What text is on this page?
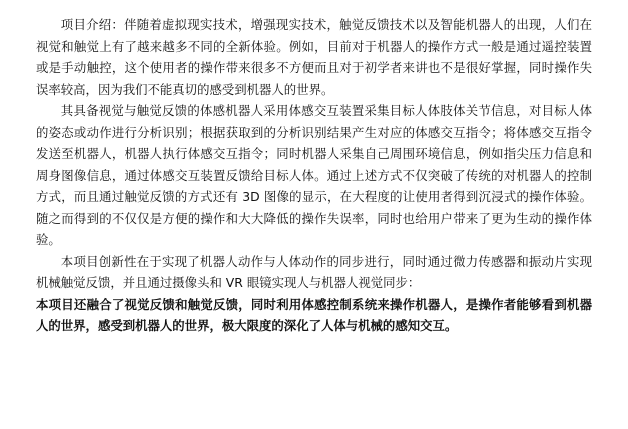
项目介绍：伴随着虚拟现实技术，增强现实技术，触觉反馈技术以及智能机器人的出现，人们在视觉和触觉上有了越来越多不同的全新体验。例如，目前对于机器人的操作方式一般是通过遥控装置或是手动触控，这个使用者的操作带来很多不方便而且对于初学者来讲也不是很好掌握，同时操作失误率较高，因为我们不能真切的感受到机器人的世界。

其具备视觉与触觉反馈的体感机器人采用体感交互装置采集目标人体肢体关节信息，对目标人体的姿态或动作进行分析识别；根据获取到的分析识别结果产生对应的体感交互指令；将体感交互指令发送至机器人，机器人执行体感交互指令；同时机器人采集自己周围环境信息，例如指尖压力信息和周身图像信息，通过体感交互装置反馈给目标人体。通过上述方式不仅突破了传统的对机器人的控制方式，而且通过触觉反馈的方式还有 3D 图像的显示，在大程度的让使用者得到沉浸式的操作体验。随之而得到的不仅仅是方便的操作和大大降低的操作失误率，同时也给用户带来了更为生动的操作体验。

本项目创新性在于实现了机器人动作与人体动作的同步进行，同时通过微力传感器和振动片实现机械触觉反馈，并且通过摄像头和 VR 眼镜实现人与机器人视觉同步：

本项目还融合了视觉反馈和触觉反馈，同时利用体感控制系统来操作机器人，是操作者能够看到机器人的世界，感受到机器人的世界，极大限度的深化了人体与机械的感知交互。
